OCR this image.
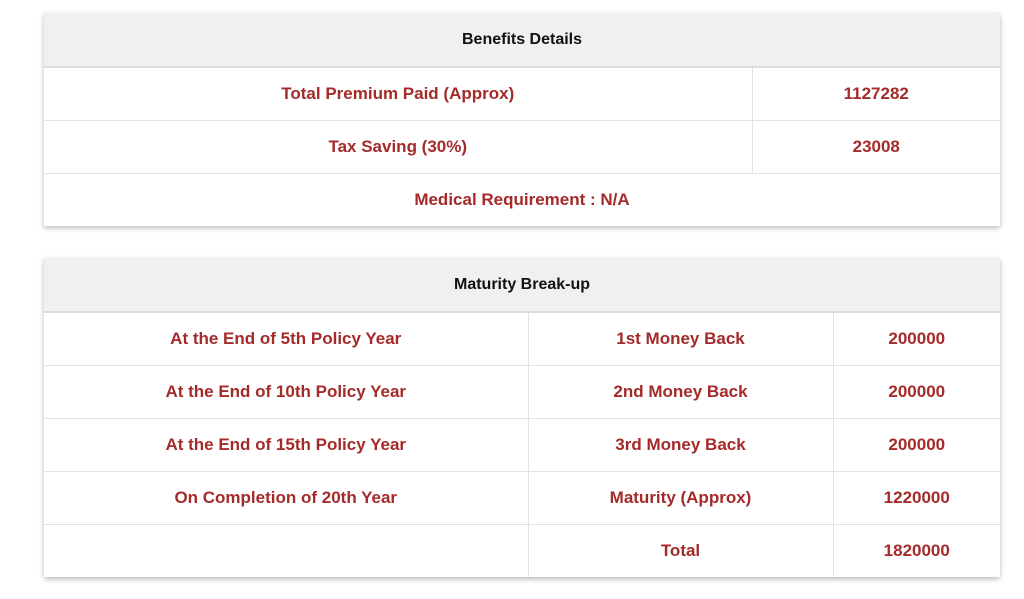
Benefits Details	
Total Premium Paid (Approx)	1127282
Tax Saving (30%)	23008
Medical Requirement : N/A	
Maturity Break-up		
At the End of 5th Policy Year	1st Money Back	200000
At the End of 10th Policy Year	2nd Money Back	200000
At the End of 15th Policy Year	3rd Money Back	200000
On Completion of 20th Year	Maturity (Approx)	1220000
	Total	1820000
